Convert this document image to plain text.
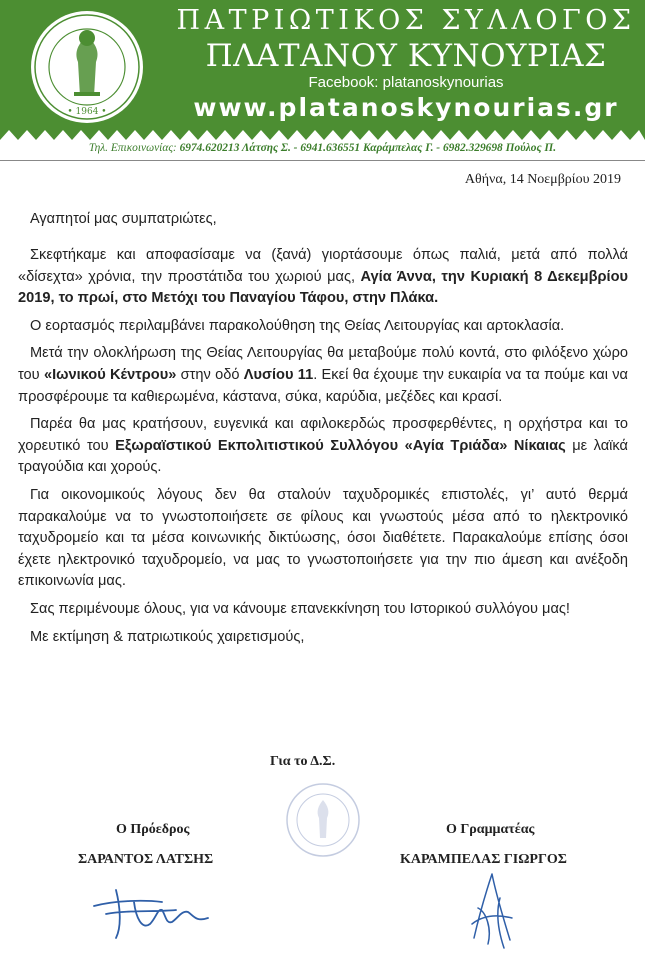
• 1964 •
ΠΑΤΡΙΩΤΙΚΟΣ ΣΥΛΛΟΓΟΣ
ΠΛΑΤΑΝΟΥ ΚΥΝΟΥΡΙΑΣ
Facebook: platanoskynourias
www.platanoskynourias.gr
Τηλ. Επικοινωνίας: 6974.620213 Λάτσης Σ. - 6941.636551 Καράμπελας Γ. - 6982.329698 Πούλος Π.
Αθήνα, 14 Νοεμβρίου 2019
Αγαπητοί μας συμπατριώτες,

Σκεφτήκαμε και αποφασίσαμε να (ξανά) γιορτάσουμε όπως παλιά, μετά από πολλά «δίσεχτα» χρόνια, την προστάτιδα του χωριού μας, Αγία Άννα, την Κυριακή 8 Δεκεμβρίου 2019, το πρωί, στο Μετόχι του Παναγίου Τάφου, στην Πλάκα.

Ο εορτασμός περιλαμβάνει παρακολούθηση της Θείας Λειτουργίας και αρτοκλασία.

Μετά την ολοκλήρωση της Θείας Λειτουργίας θα μεταβούμε πολύ κοντά, στο φιλόξενο χώρο του «Ιωνικού Κέντρου» στην οδό Λυσίου 11. Εκεί θα έχουμε την ευκαιρία να τα πούμε και να προσφέρουμε τα καθιερωμένα, κάστανα, σύκα, καρύδια, μεζέδες και κρασί.

Παρέα θα μας κρατήσουν, ευγενικά και αφιλοκερδώς προσφερθέντες, η ορχήστρα και το χορευτικό του Εξωραϊστικού Εκπολιτιστικού Συλλόγου «Αγία Τριάδα» Νίκαιας με λαϊκά τραγούδια και χορούς.

Για οικονομικούς λόγους δεν θα σταλούν ταχυδρομικές επιστολές, γι’ αυτό θερμά παρακαλούμε να το γνωστοποιήσετε σε φίλους και γνωστούς μέσα από το ηλεκτρονικό ταχυδρομείο και τα μέσα κοινωνικής δικτύωσης, όσοι διαθέτετε. Παρακαλούμε επίσης όσοι έχετε ηλεκτρονικό ταχυδρομείο, να μας το γνωστοποιήσετε για την πιο άμεση και ανέξοδη επικοινωνία μας.

Σας περιμένουμε όλους, για να κάνουμε επανεκκίνηση του Ιστορικού συλλόγου μας!

Με εκτίμηση & πατριωτικούς χαιρετισμούς,

Για το Δ.Σ.
Ο Πρόεδρος
ΣΑΡΑΝΤΟΣ ΛΑΤΣΗΣ
Ο Γραμματέας
ΚΑΡΑΜΠΕΛΑΣ ΓΙΩΡΓΟΣ
